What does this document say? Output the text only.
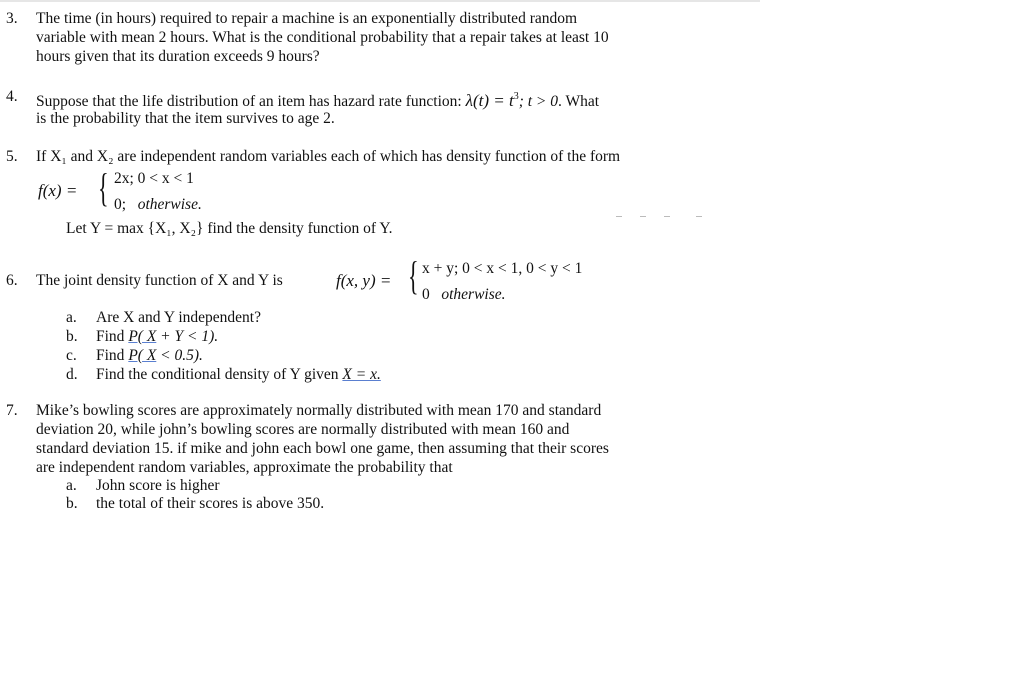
3. The time (in hours) required to repair a machine is an exponentially distributed random
variable with mean 2 hours. What is the conditional probability that a repair takes at least 10
hours given that its duration exceeds 9 hours?
4. Suppose that the life distribution of an item has hazard rate function: $\lambda(t) = t^3$; t > 0. What
is the probability that the item survives to age 2.
5. If X₁ and X₂ are independent random variables each of which has density function of the form
f(x) = { 2x; 0 < x < 1
0; otherwise.
Let Y = max {X₁, X₂} find the density function of Y.
6. The joint density function of X and Y is	f(x, y) = { x + y; 0 < x < 1, 0 < y < 1
0 otherwise.
a. Are X and Y independent?
b. Find P( X + Y < 1).
c. Find P( X < 0.5).
d. Find the conditional density of Y given X = x.
7. Mike’s bowling scores are approximately normally distributed with mean 170 and standard
deviation 20, while john’s bowling scores are normally distributed with mean 160 and
standard deviation 15. if mike and john each bowl one game, then assuming that their scores
are independent random variables, approximate the probability that
a. John score is higher
b. the total of their scores is above 350.
